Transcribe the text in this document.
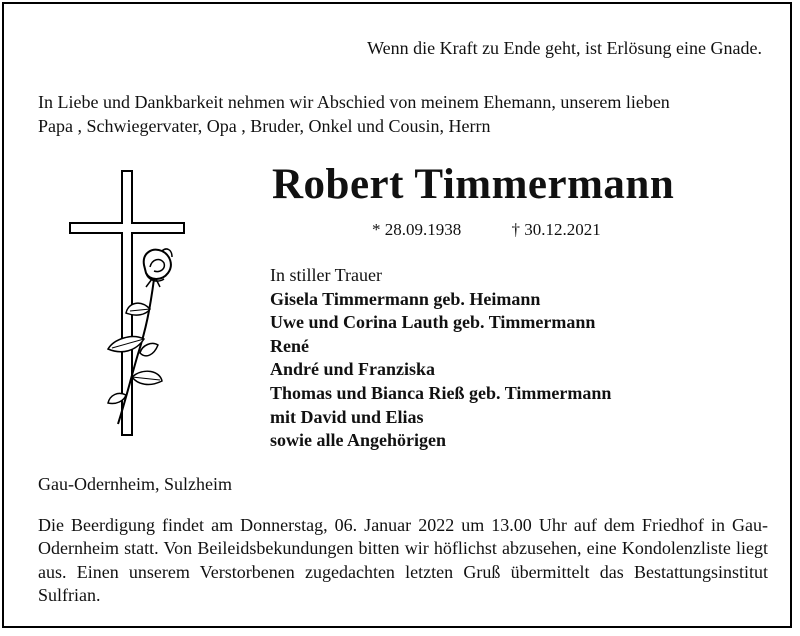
Wenn die Kraft zu Ende geht, ist Erlösung eine Gnade.
In Liebe und Dankbarkeit nehmen wir Abschied von meinem Ehemann, unserem lieben
Papa , Schwiegervater, Opa , Bruder, Onkel und Cousin, Herrn
Robert Timmermann
* 28.09.1938	† 30.12.2021
In stiller Trauer
Gisela Timmermann geb. Heimann
Uwe und Corina Lauth geb. Timmermann
René
André und Franziska
Thomas und Bianca Rieß geb. Timmermann
mit David und Elias
sowie alle Angehörigen
Gau-Odernheim, Sulzheim
Die Beerdigung findet am Donnerstag, 06. Januar 2022 um 13.00 Uhr auf dem Friedhof in Gau-Odernheim statt. Von Beileidsbekundungen bitten wir höflichst abzusehen, eine Kondolenzliste liegt aus. Einen unserem Verstorbenen zugedachten letzten Gruß übermittelt das Bestattungsinstitut Sulfrian.
